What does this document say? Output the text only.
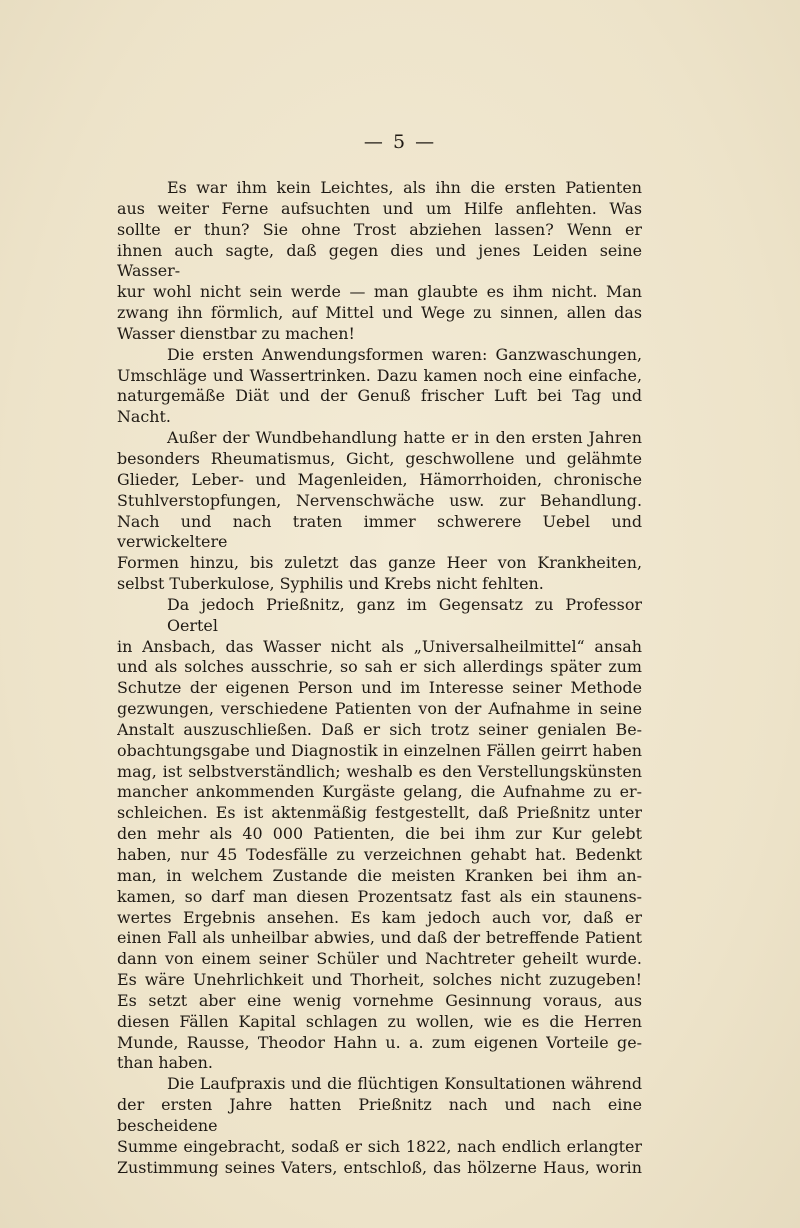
— 5 —
Es war ihm kein Leichtes, als ihn die ersten Patienten
aus weiter Ferne aufsuchten und um Hilfe anflehten. Was
sollte er thun? Sie ohne Trost abziehen lassen? Wenn er
ihnen auch sagte, daß gegen dies und jenes Leiden seine Wasser-
kur wohl nicht sein werde — man glaubte es ihm nicht. Man
zwang ihn förmlich, auf Mittel und Wege zu sinnen, allen das
Wasser dienstbar zu machen!
Die ersten Anwendungsformen waren: Ganzwaschungen,
Umschläge und Wassertrinken. Dazu kamen noch eine einfache,
naturgemäße Diät und der Genuß frischer Luft bei Tag und
Nacht.
Außer der Wundbehandlung hatte er in den ersten Jahren
besonders Rheumatismus, Gicht, geschwollene und gelähmte
Glieder, Leber- und Magenleiden, Hämorrhoiden, chronische
Stuhlverstopfungen, Nervenschwäche usw. zur Behandlung.
Nach und nach traten immer schwerere Uebel und verwickeltere
Formen hinzu, bis zuletzt das ganze Heer von Krankheiten,
selbst Tuberkulose, Syphilis und Krebs nicht fehlten.
Da jedoch Prießnitz, ganz im Gegensatz zu Professor Oertel
in Ansbach, das Wasser nicht als „Universalheilmittel“ ansah
und als solches ausschrie, so sah er sich allerdings später zum
Schutze der eigenen Person und im Interesse seiner Methode
gezwungen, verschiedene Patienten von der Aufnahme in seine
Anstalt auszuschließen. Daß er sich trotz seiner genialen Be-
obachtungsgabe und Diagnostik in einzelnen Fällen geirrt haben
mag, ist selbstverständlich; weshalb es den Verstellungskünsten
mancher ankommenden Kurgäste gelang, die Aufnahme zu er-
schleichen. Es ist aktenmäßig festgestellt, daß Prießnitz unter
den mehr als 40 000 Patienten, die bei ihm zur Kur gelebt
haben, nur 45 Todesfälle zu verzeichnen gehabt hat. Bedenkt
man, in welchem Zustande die meisten Kranken bei ihm an-
kamen, so darf man diesen Prozentsatz fast als ein staunens-
wertes Ergebnis ansehen. Es kam jedoch auch vor, daß er
einen Fall als unheilbar abwies, und daß der betreffende Patient
dann von einem seiner Schüler und Nachtreter geheilt wurde.
Es wäre Unehrlichkeit und Thorheit, solches nicht zuzugeben!
Es setzt aber eine wenig vornehme Gesinnung voraus, aus
diesen Fällen Kapital schlagen zu wollen, wie es die Herren
Munde, Rausse, Theodor Hahn u. a. zum eigenen Vorteile ge-
than haben.
Die Laufpraxis und die flüchtigen Konsultationen während
der ersten Jahre hatten Prießnitz nach und nach eine bescheidene
Summe eingebracht, sodaß er sich 1822, nach endlich erlangter
Zustimmung seines Vaters, entschloß, das hölzerne Haus, worin
